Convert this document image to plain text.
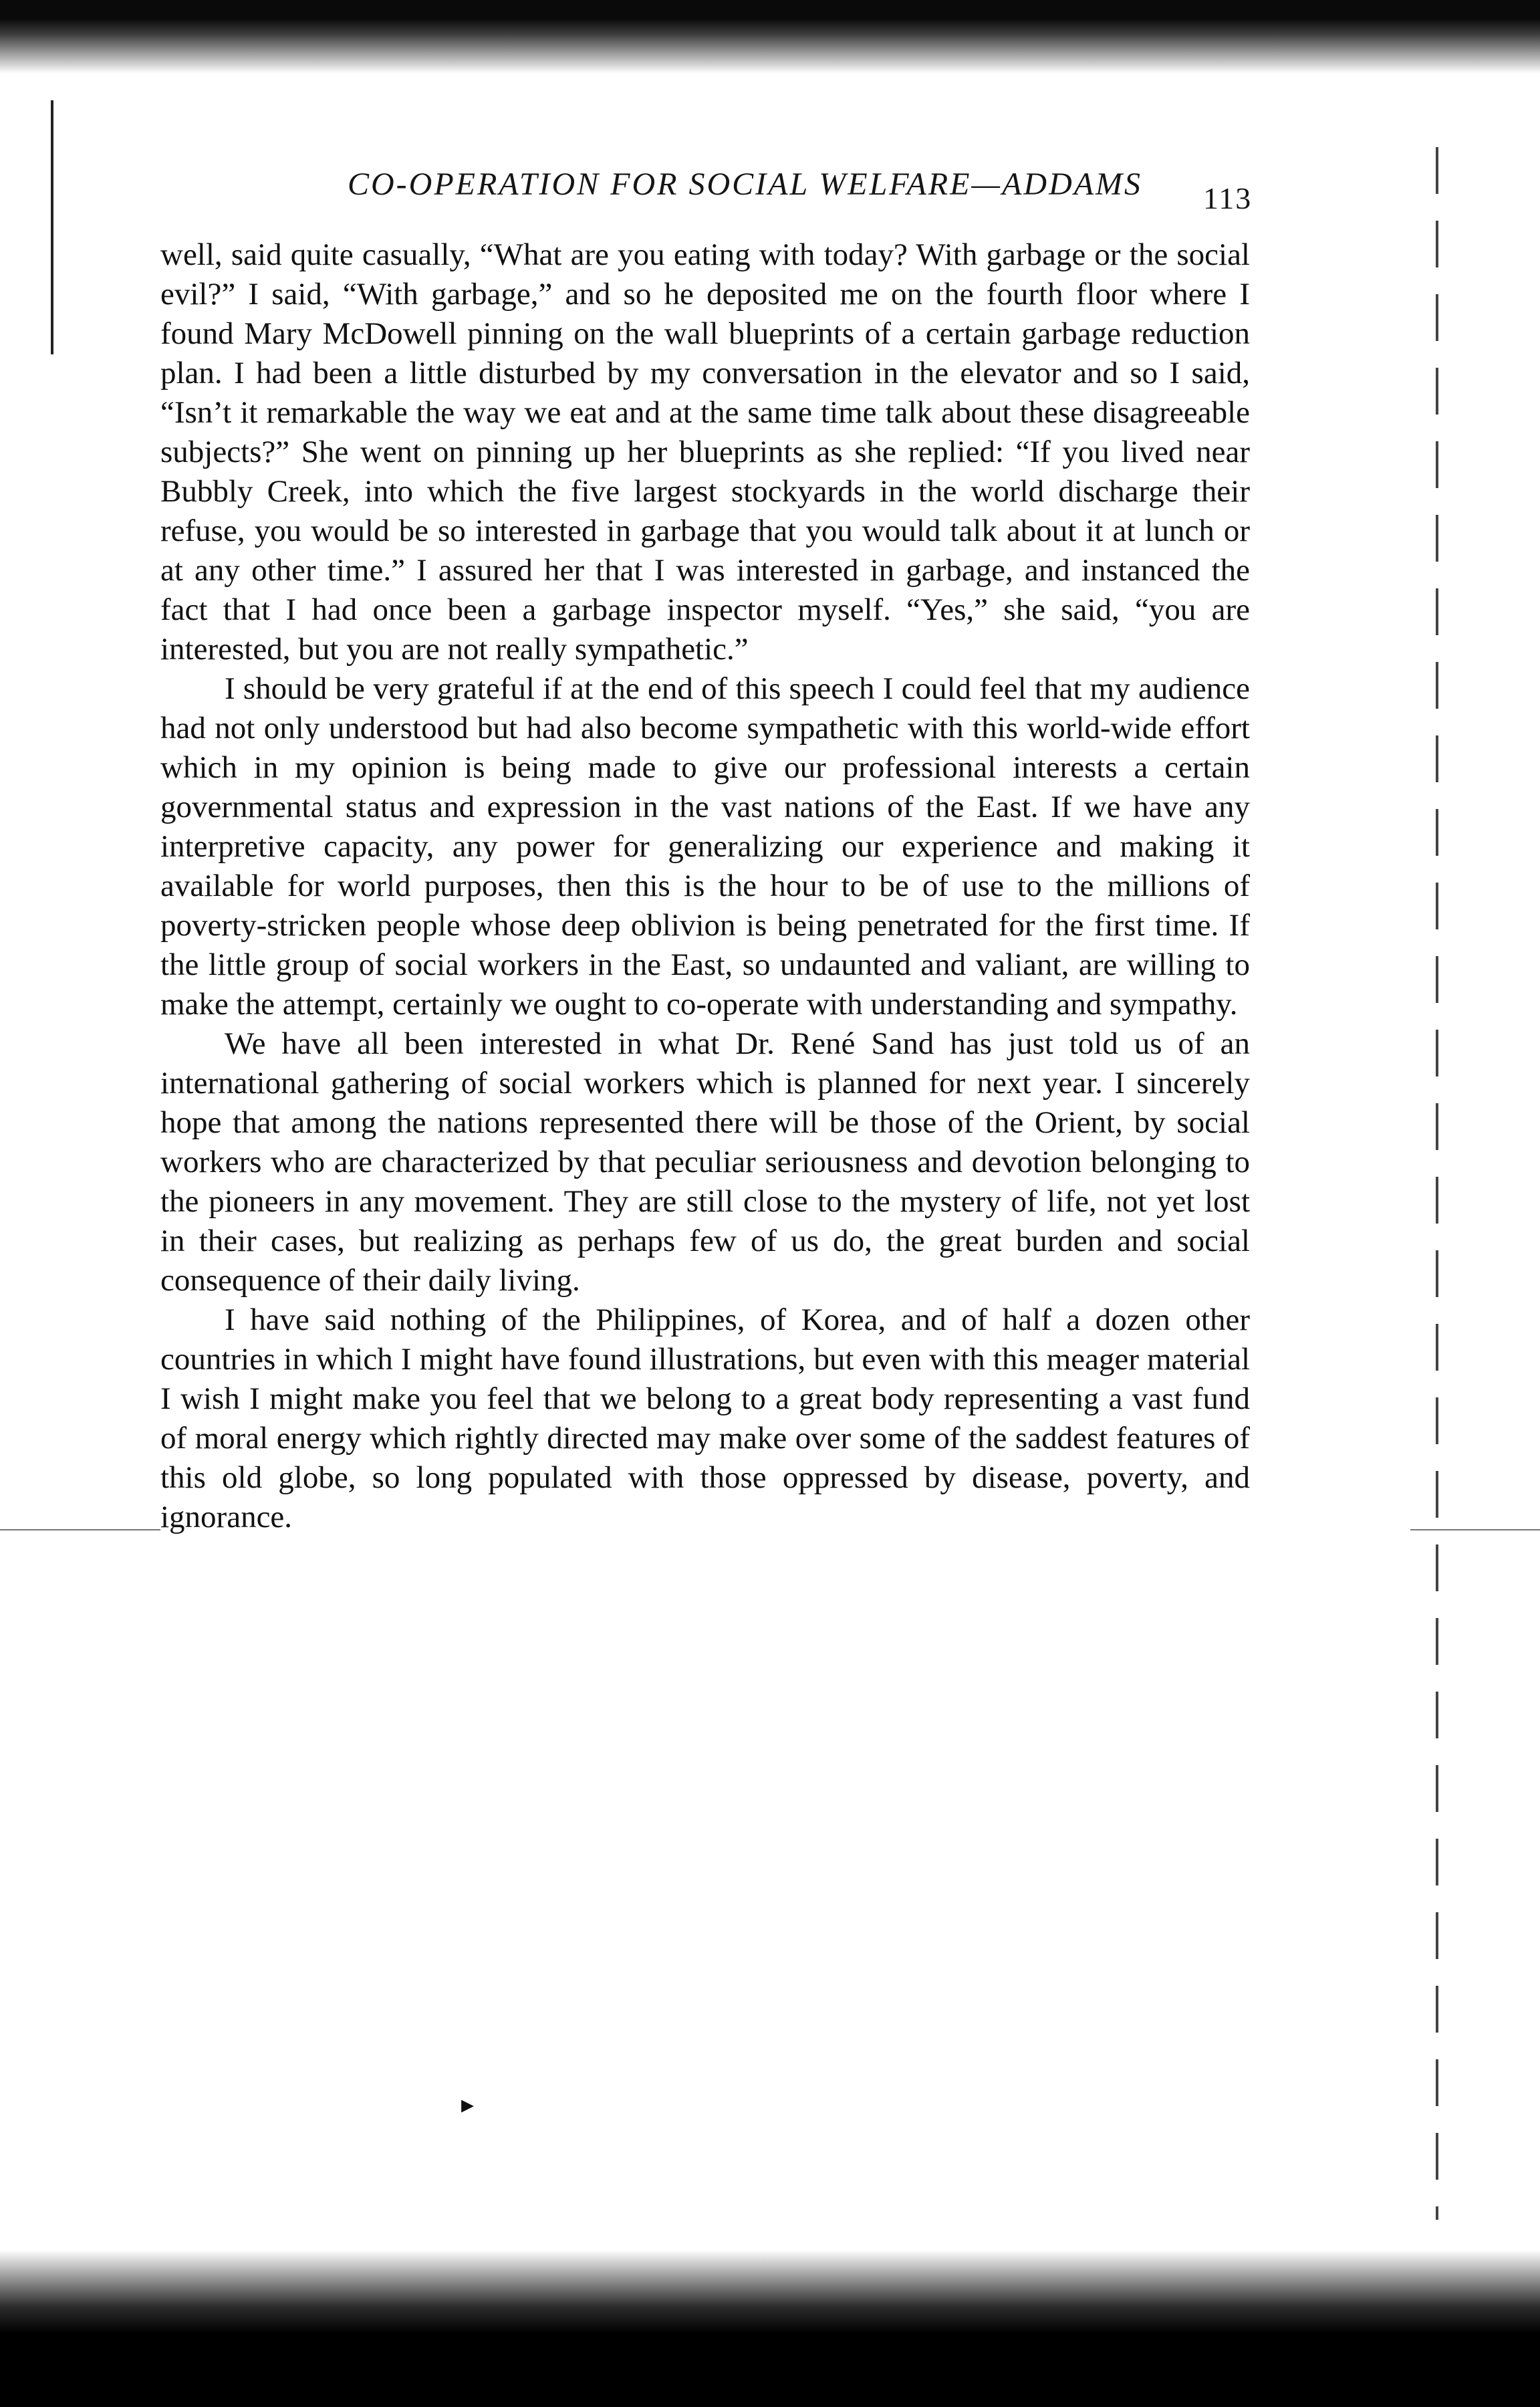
CO-OPERATION FOR SOCIAL WELFARE—ADDAMS 113

well, said quite casually, “What are you eating with today? With garbage or the social evil?” I said, “With garbage,” and so he deposited me on the fourth floor where I found Mary McDowell pinning on the wall blueprints of a certain garbage reduction plan. I had been a little disturbed by my conversation in the elevator and so I said, “Isn’t it remarkable the way we eat and at the same time talk about these disagreeable subjects?” She went on pinning up her blueprints as she replied: “If you lived near Bubbly Creek, into which the five largest stockyards in the world discharge their refuse, you would be so interested in garbage that you would talk about it at lunch or at any other time.” I assured her that I was interested in garbage, and instanced the fact that I had once been a garbage inspector myself. “Yes,” she said, “you are interested, but you are not really sympathetic.”

I should be very grateful if at the end of this speech I could feel that my audience had not only understood but had also become sympathetic with this world-wide effort which in my opinion is being made to give our professional interests a certain governmental status and expression in the vast nations of the East. If we have any interpretive capacity, any power for generalizing our experience and making it available for world purposes, then this is the hour to be of use to the millions of poverty-stricken people whose deep oblivion is being penetrated for the first time. If the little group of social workers in the East, so undaunted and valiant, are willing to make the attempt, certainly we ought to co-operate with understanding and sympathy.

We have all been interested in what Dr. René Sand has just told us of an international gathering of social workers which is planned for next year. I sincerely hope that among the nations represented there will be those of the Orient, by social workers who are characterized by that peculiar seriousness and devotion belonging to the pioneers in any movement. They are still close to the mystery of life, not yet lost in their cases, but realizing as perhaps few of us do, the great burden and social consequence of their daily living.

I have said nothing of the Philippines, of Korea, and of half a dozen other countries in which I might have found illustrations, but even with this meager material I wish I might make you feel that we belong to a great body representing a vast fund of moral energy which rightly directed may make over some of the saddest features of this old globe, so long populated with those oppressed by disease, poverty, and ignorance.

▸
